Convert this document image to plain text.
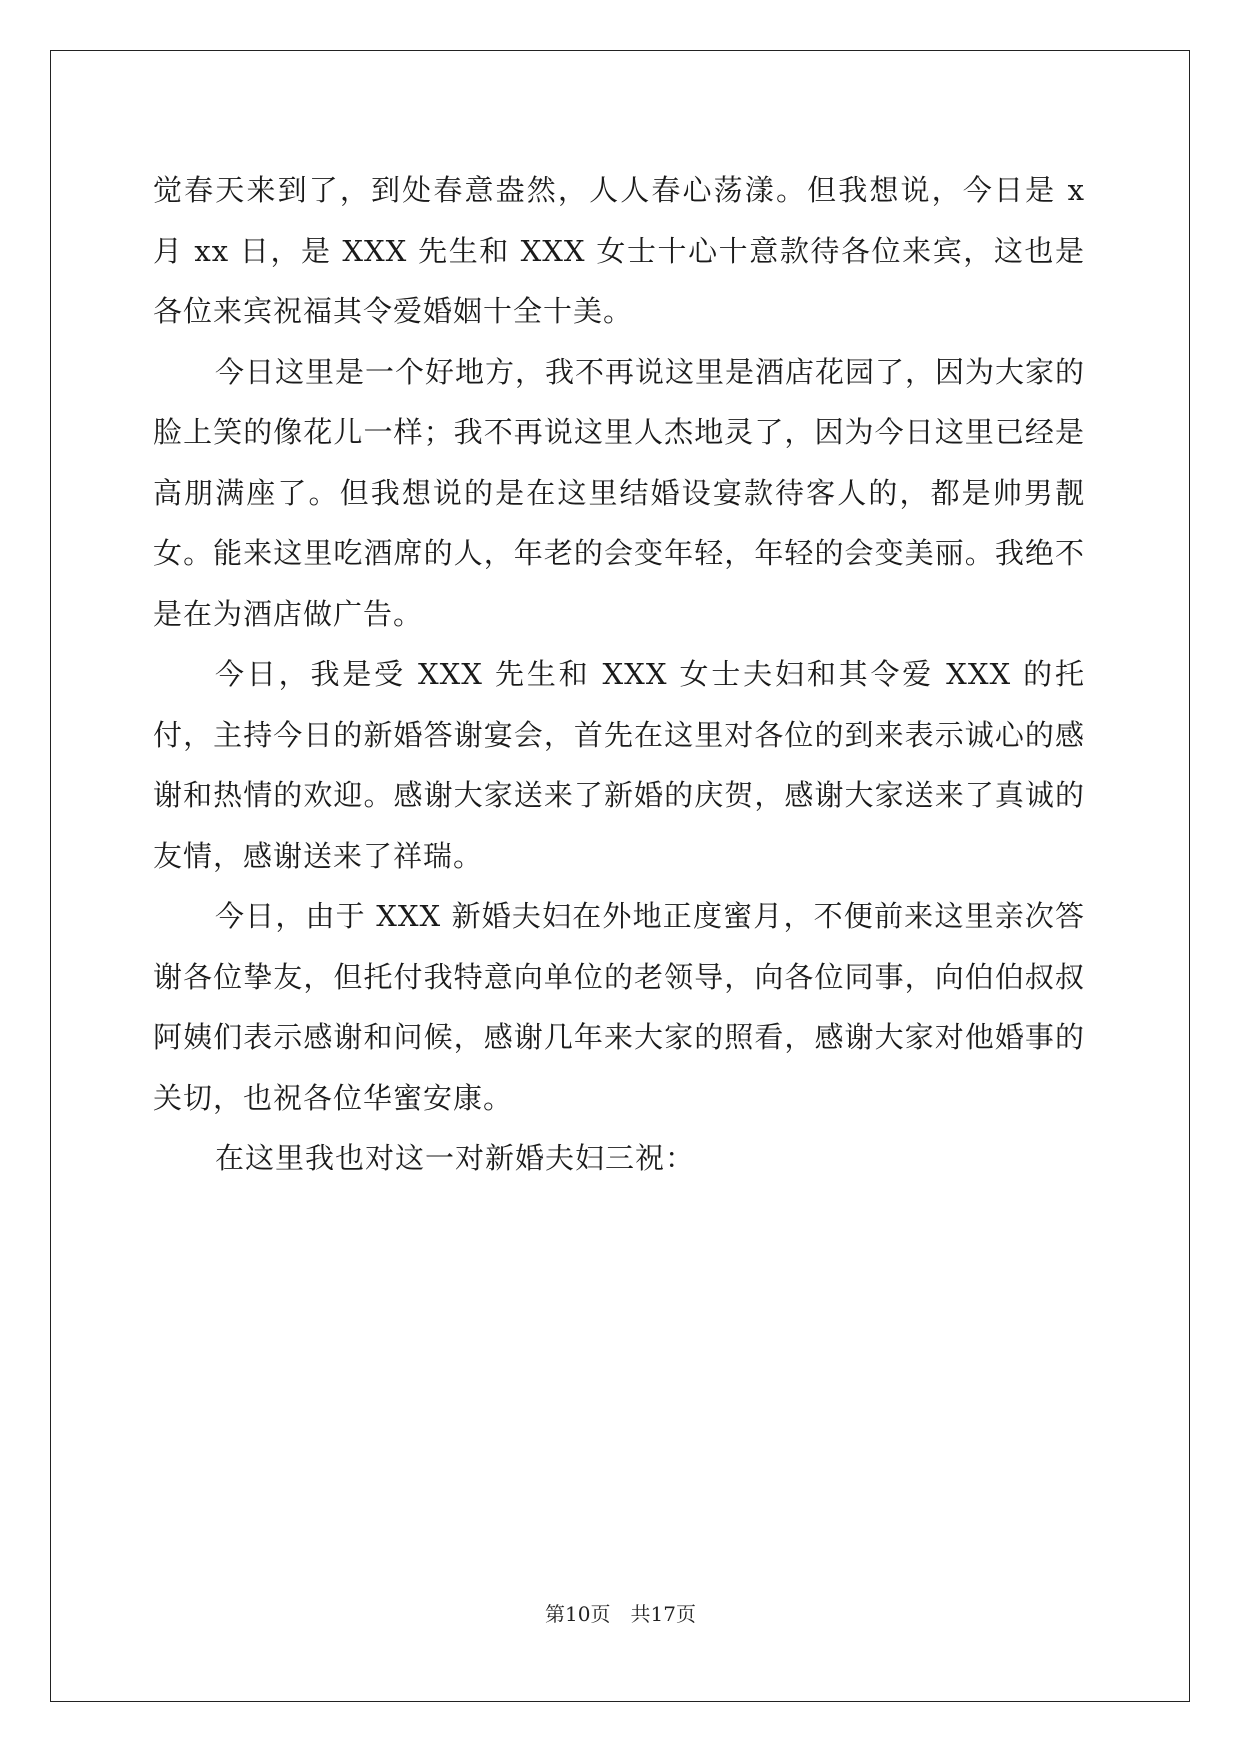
觉春天来到了，到处春意盎然，人人春心荡漾。但我想说，今日是 x 月 xx 日，是 XXX 先生和 XXX 女士十心十意款待各位来宾，这也是各位来宾祝福其令爱婚姻十全十美。

今日这里是一个好地方，我不再说这里是酒店花园了，因为大家的脸上笑的像花儿一样；我不再说这里人杰地灵了，因为今日这里已经是高朋满座了。但我想说的是在这里结婚设宴款待客人的，都是帅男靓女。能来这里吃酒席的人，年老的会变年轻，年轻的会变美丽。我绝不是在为酒店做广告。

今日，我是受 XXX 先生和 XXX 女士夫妇和其令爱 XXX 的托付，主持今日的新婚答谢宴会，首先在这里对各位的到来表示诚心的感谢和热情的欢迎。感谢大家送来了新婚的庆贺，感谢大家送来了真诚的友情，感谢送来了祥瑞。

今日，由于 XXX 新婚夫妇在外地正度蜜月，不便前来这里亲次答谢各位挚友，但托付我特意向单位的老领导，向各位同事，向伯伯叔叔阿姨们表示感谢和问候，感谢几年来大家的照看，感谢大家对他婚事的关切，也祝各位华蜜安康。

在这里我也对这一对新婚夫妇三祝：

第10页　共17页
